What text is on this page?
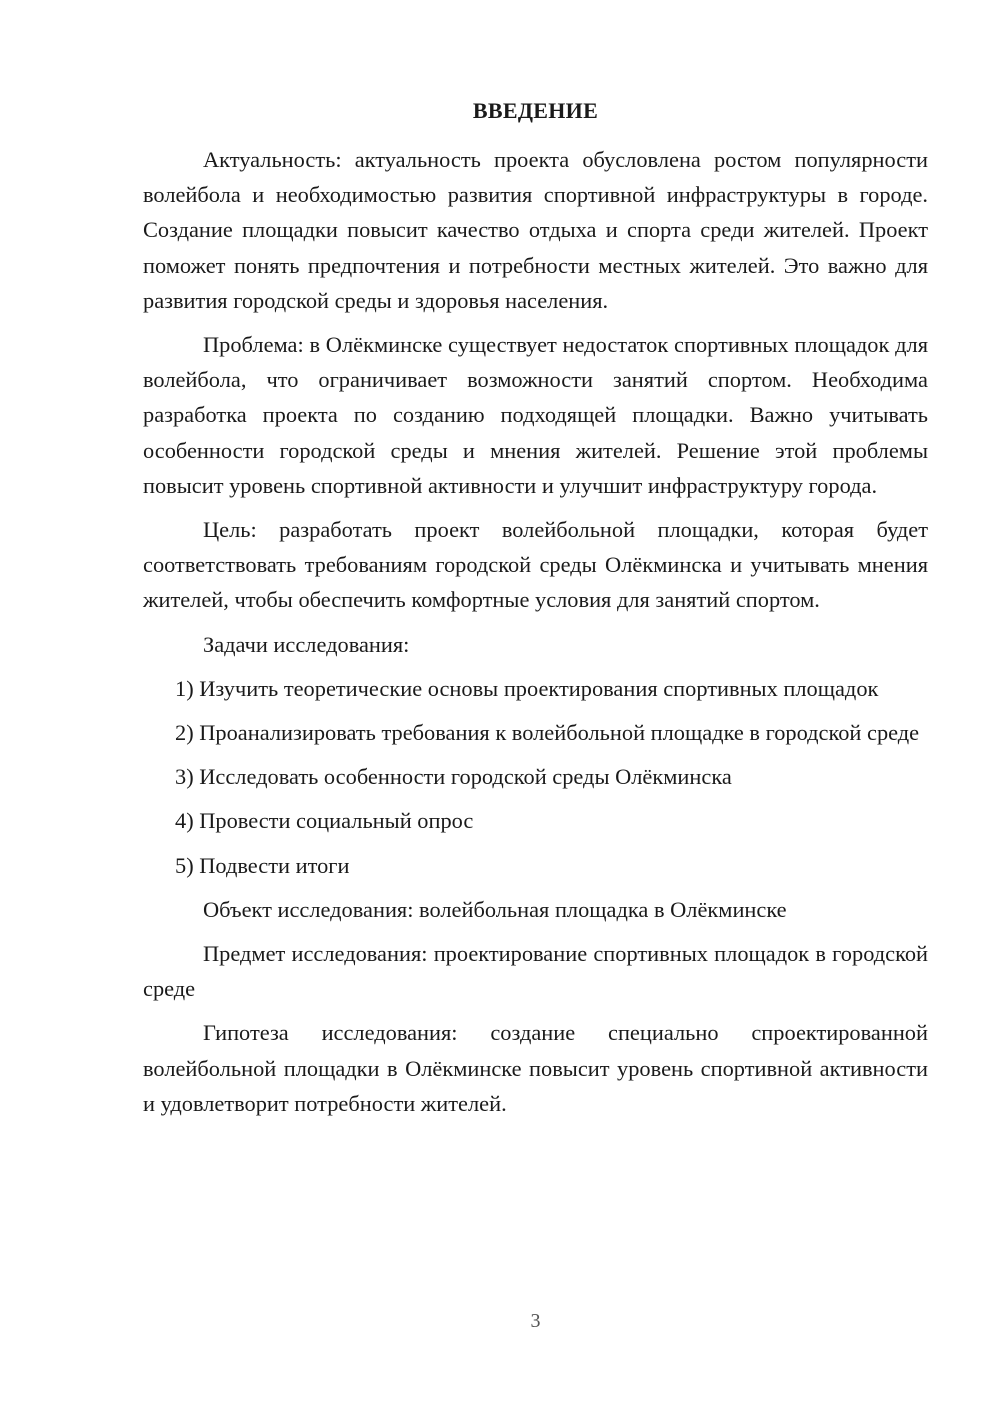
ВВЕДЕНИЕ

Актуальность: актуальность проекта обусловлена ростом популярности волейбола и необходимостью развития спортивной инфраструктуры в городе. Создание площадки повысит качество отдыха и спорта среди жителей. Проект поможет понять предпочтения и потребности местных жителей. Это важно для развития городской среды и здоровья населения.

Проблема: в Олёкминске существует недостаток спортивных площадок для волейбола, что ограничивает возможности занятий спортом. Необходима разработка проекта по созданию подходящей площадки. Важно учитывать особенности городской среды и мнения жителей. Решение этой проблемы повысит уровень спортивной активности и улучшит инфраструктуру города.

Цель: разработать проект волейбольной площадки, которая будет соответствовать требованиям городской среды Олёкминска и учитывать мнения жителей, чтобы обеспечить комфортные условия для занятий спортом.

Задачи исследования:

1) Изучить теоретические основы проектирования спортивных площадок

2) Проанализировать требования к волейбольной площадке в городской среде

3) Исследовать особенности городской среды Олёкминска

4) Провести социальный опрос

5) Подвести итоги

Объект исследования: волейбольная площадка в Олёкминске

Предмет исследования: проектирование спортивных площадок в городской среде

Гипотеза исследования: создание специально спроектированной волейбольной площадки в Олёкминске повысит уровень спортивной активности и удовлетворит потребности жителей.

3
